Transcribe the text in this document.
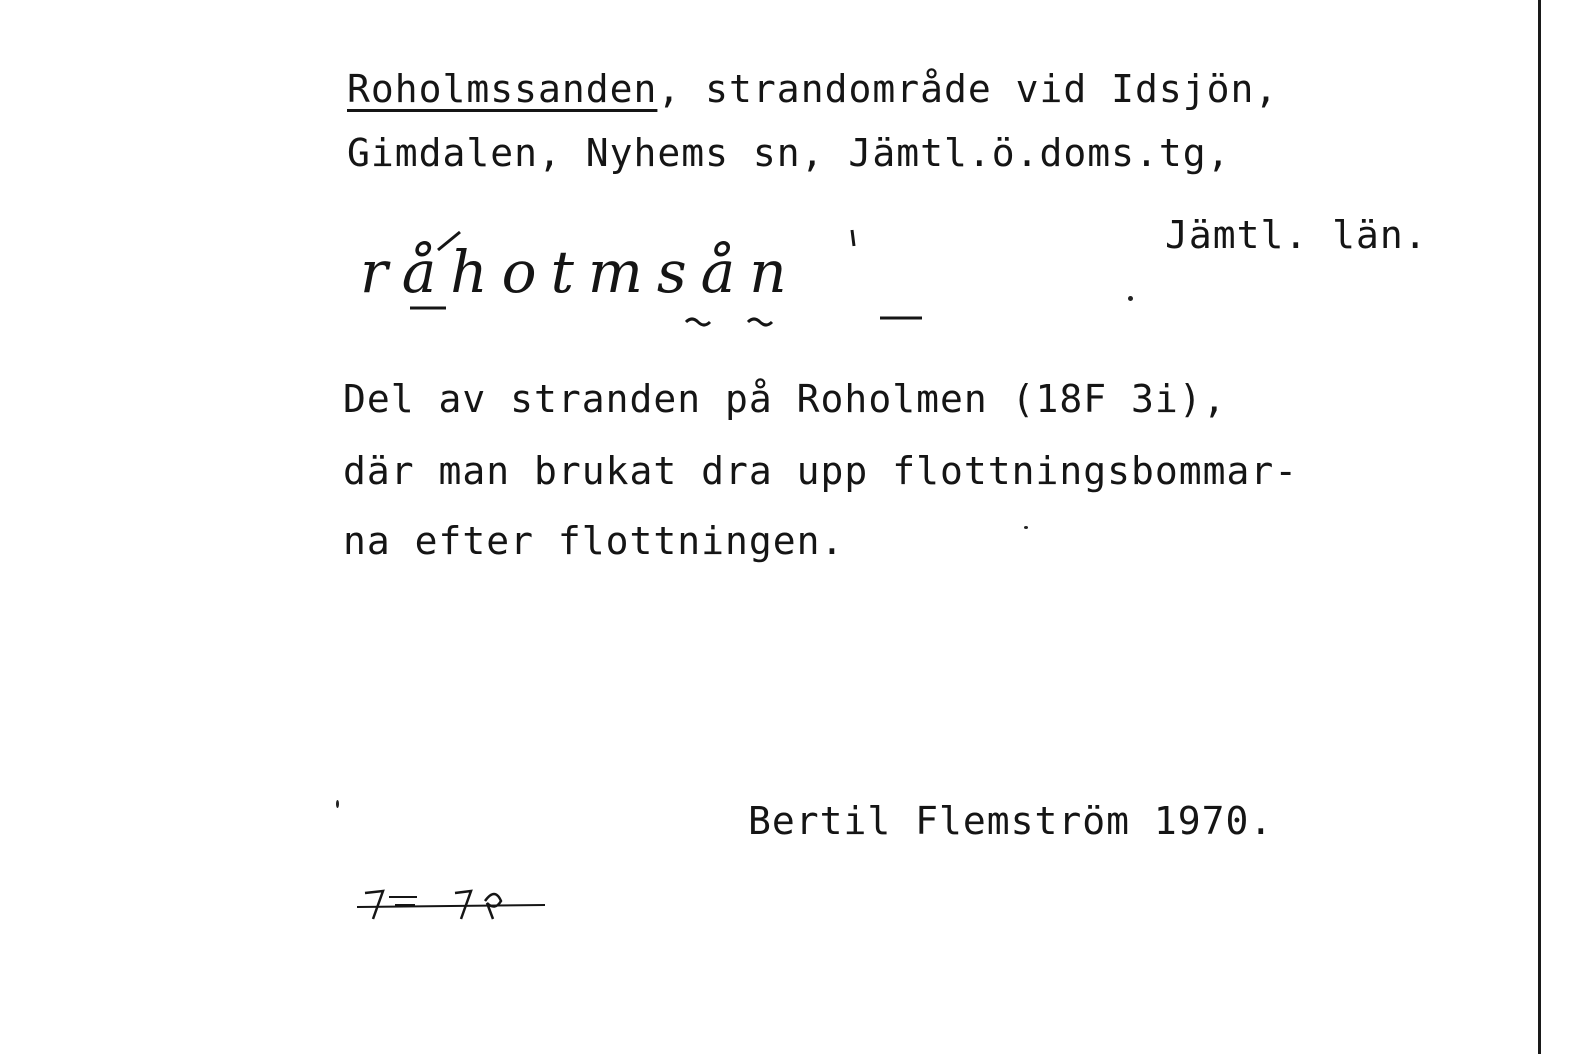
Roholmssanden, strandområde vid Idsjön,
Gimdalen, Nyhems sn, Jämtl.ö.doms.tg,
Jämtl. län.
råhotmsån
Del av stranden på Roholmen (18F 3i),
där man brukat dra upp flottningsbommar-
na efter flottningen.
Bertil Flemström 1970.
